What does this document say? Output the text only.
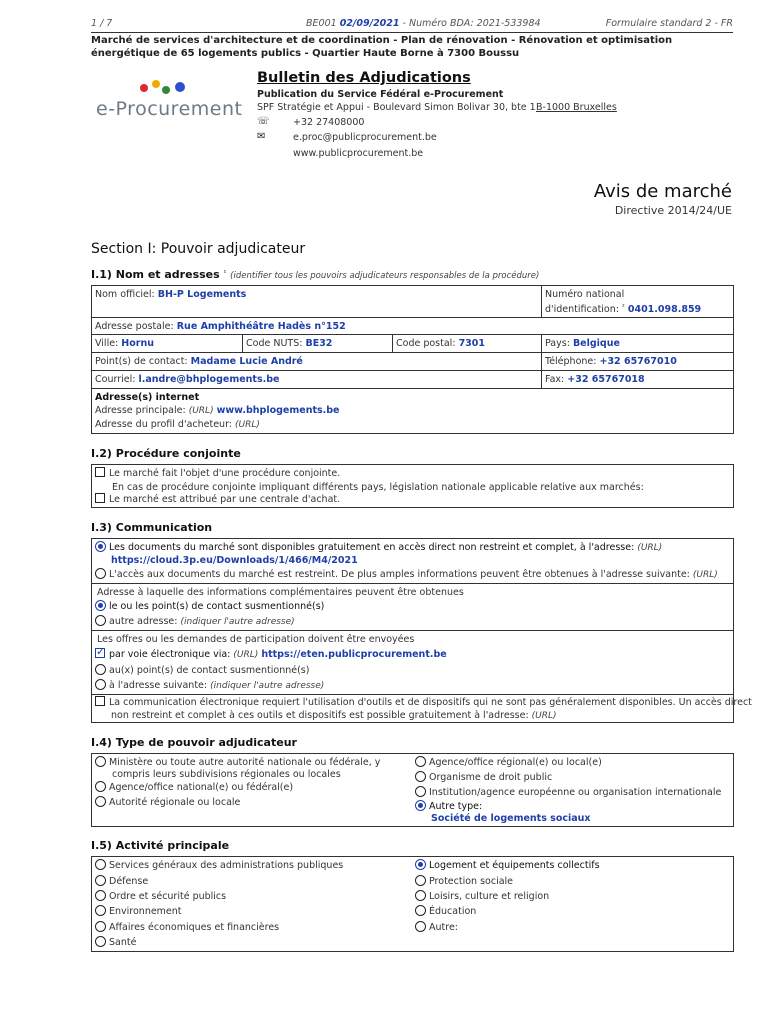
1 / 7	BE001 02/09/2021 - Numéro BDA: 2021-533984	Formulaire standard 2 - FR
Marché de services d'architecture et de coordination - Plan de rénovation - Rénovation et optimisation énergétique de 65 logements publics - Quartier Haute Borne à 7300 Boussu
e-Procurement
Bulletin des Adjudications
Publication du Service Fédéral e-Procurement
SPF Stratégie et Appui - Boulevard Simon Bolivar 30, bte 1 B-1000 Bruxelles
☏ +32 27408000
✉	e.proc@publicprocurement.be
www.publicprocurement.be
Avis de marché
Directive 2014/24/UE
Section I: Pouvoir adjudicateur
I.1) Nom et adresses $^{^1}$ (identifier tous les pouvoirs adjudicateurs responsables de la procédure)
Nom officiel: BH-P Logements	Numéro national
d'identification: $^{^2}$ 0401.098.859
Adresse postale: Rue Amphithéâtre Hadès n°152
Ville: Hornu	Code NUTS: BE32	Code postal: 7301	Pays: Belgique
Point(s) de contact: Madame Lucie André	Téléphone: +32 65767010
Courriel: l.andre@bhplogements.be	Fax: +32 65767018
Adresse(s) internet
Adresse principale: (URL) www.bhplogements.be
Adresse du profil d'acheteur: (URL)
I.2) Procédure conjointe
Le marché fait l'objet d'une procédure conjointe.
En cas de procédure conjointe impliquant différents pays, législation nationale applicable relative aux marchés:
Le marché est attribué par une centrale d'achat.
I.3) Communication
Les documents du marché sont disponibles gratuitement en accès direct non restreint et complet, à l'adresse: (URL)
https://cloud.3p.eu/Downloads/1/466/M4/2021
L'accès aux documents du marché est restreint. De plus amples informations peuvent être obtenues à l'adresse suivante: (URL)
Adresse à laquelle des informations complémentaires peuvent être obtenues
le ou les point(s) de contact susmentionné(s)
autre adresse: (indiquer l'autre adresse)
Les offres ou les demandes de participation doivent être envoyées
✓par voie électronique via: (URL) https://eten.publicprocurement.be
au(x) point(s) de contact susmentionné(s)
à l'adresse suivante: (indiquer l'autre adresse)
La communication électronique requiert l'utilisation d'outils et de dispositifs qui ne sont pas généralement disponibles. Un accès direct
non restreint et complet à ces outils et dispositifs est possible gratuitement à l'adresse: (URL)
I.4) Type de pouvoir adjudicateur
Ministère ou toute autre autorité nationale ou fédérale, y
compris leurs subdivisions régionales ou locales
Agence/office national(e) ou fédéral(e)
Autorité régionale ou locale
Agence/office régional(e) ou local(e)
Organisme de droit public
Institution/agence européenne ou organisation internationale
Autre type:
Société de logements sociaux
I.5) Activité principale
Services généraux des administrations publiques
Défense
Ordre et sécurité publics
Environnement
Affaires économiques et financières
Santé
Logement et équipements collectifs
Protection sociale
Loisirs, culture et religion
Éducation
Autre:
